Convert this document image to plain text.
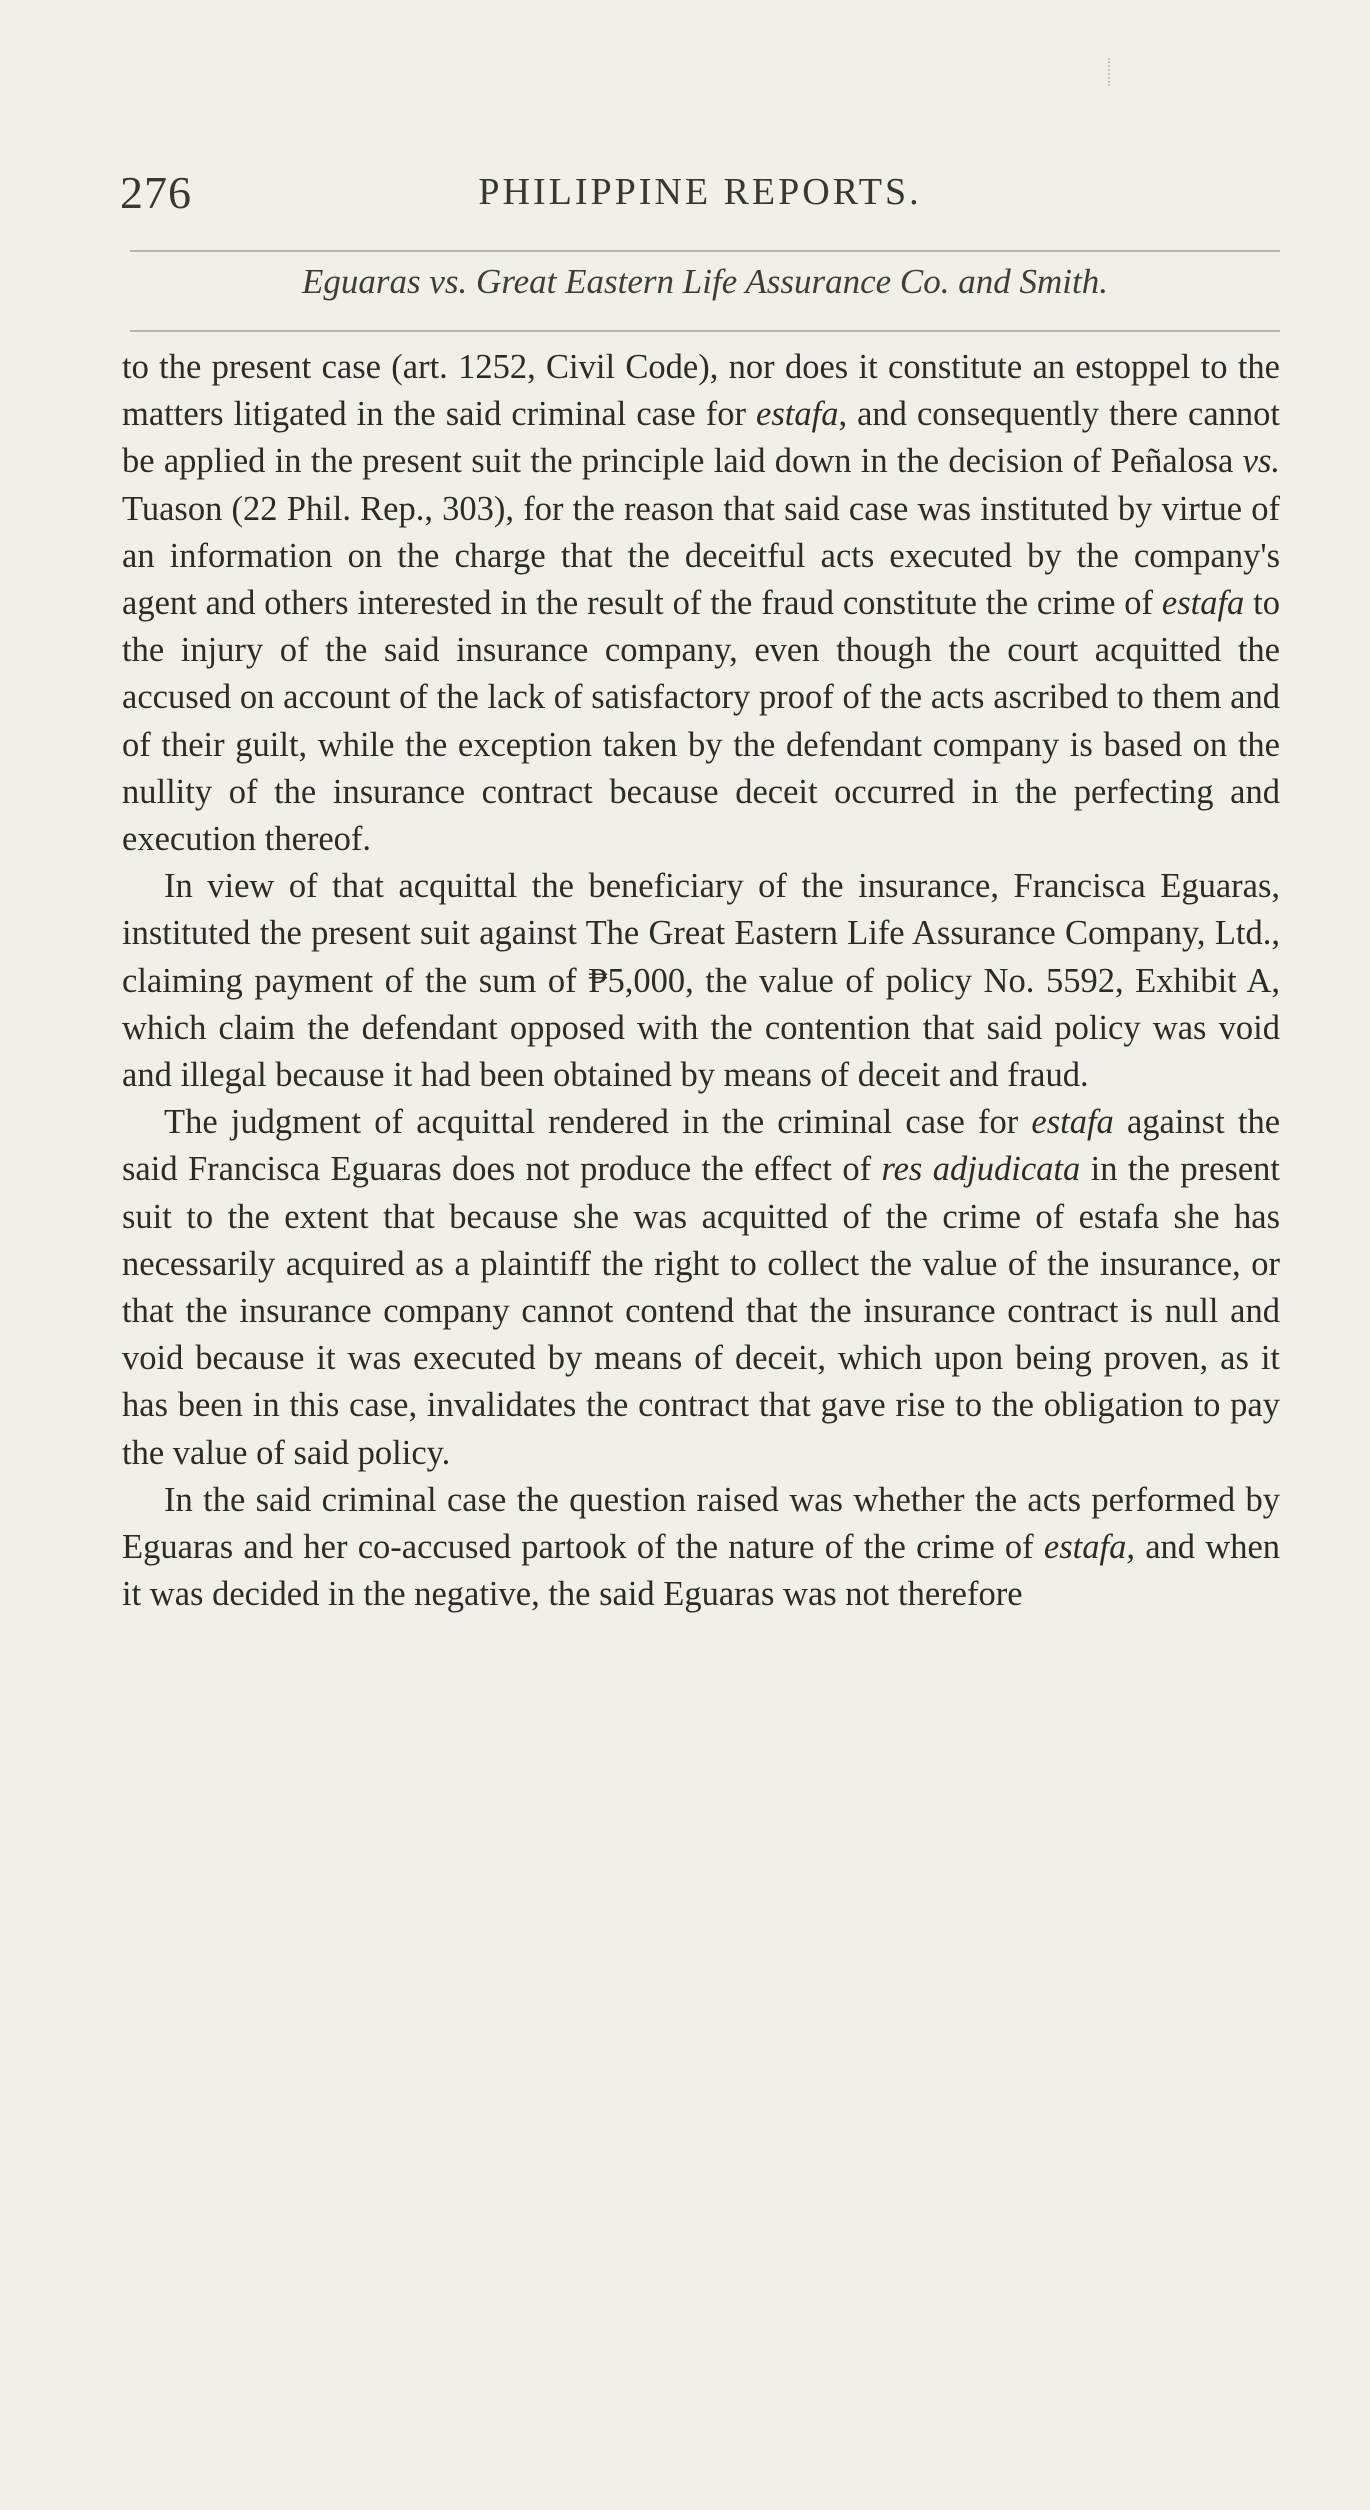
276	PHILIPPINE REPORTS.
Eguaras vs. Great Eastern Life Assurance Co. and Smith.

to the present case (art. 1252, Civil Code), nor does it constitute an estoppel to the matters litigated in the said criminal case for estafa, and consequently there cannot be applied in the present suit the principle laid down in the decision of Peñalosa vs. Tuason (22 Phil. Rep., 303), for the reason that said case was instituted by virtue of an information on the charge that the deceitful acts executed by the company's agent and others interested in the result of the fraud constitute the crime of estafa to the injury of the said insurance company, even though the court acquitted the accused on account of the lack of satisfactory proof of the acts ascribed to them and of their guilt, while the exception taken by the defendant company is based on the nullity of the insurance contract because deceit occurred in the perfecting and execution thereof.

In view of that acquittal the beneficiary of the insurance, Francisca Eguaras, instituted the present suit against The Great Eastern Life Assurance Company, Ltd., claiming payment of the sum of ₱5,000, the value of policy No. 5592, Exhibit A, which claim the defendant opposed with the contention that said policy was void and illegal because it had been obtained by means of deceit and fraud.

The judgment of acquittal rendered in the criminal case for estafa against the said Francisca Eguaras does not produce the effect of res adjudicata in the present suit to the extent that because she was acquitted of the crime of estafa she has necessarily acquired as a plaintiff the right to collect the value of the insurance, or that the insurance company cannot contend that the insurance contract is null and void because it was executed by means of deceit, which upon being proven, as it has been in this case, invalidates the contract that gave rise to the obligation to pay the value of said policy.

In the said criminal case the question raised was whether the acts performed by Eguaras and her co-accused partook of the nature of the crime of estafa, and when it was decided in the negative, the said Eguaras was not therefore
